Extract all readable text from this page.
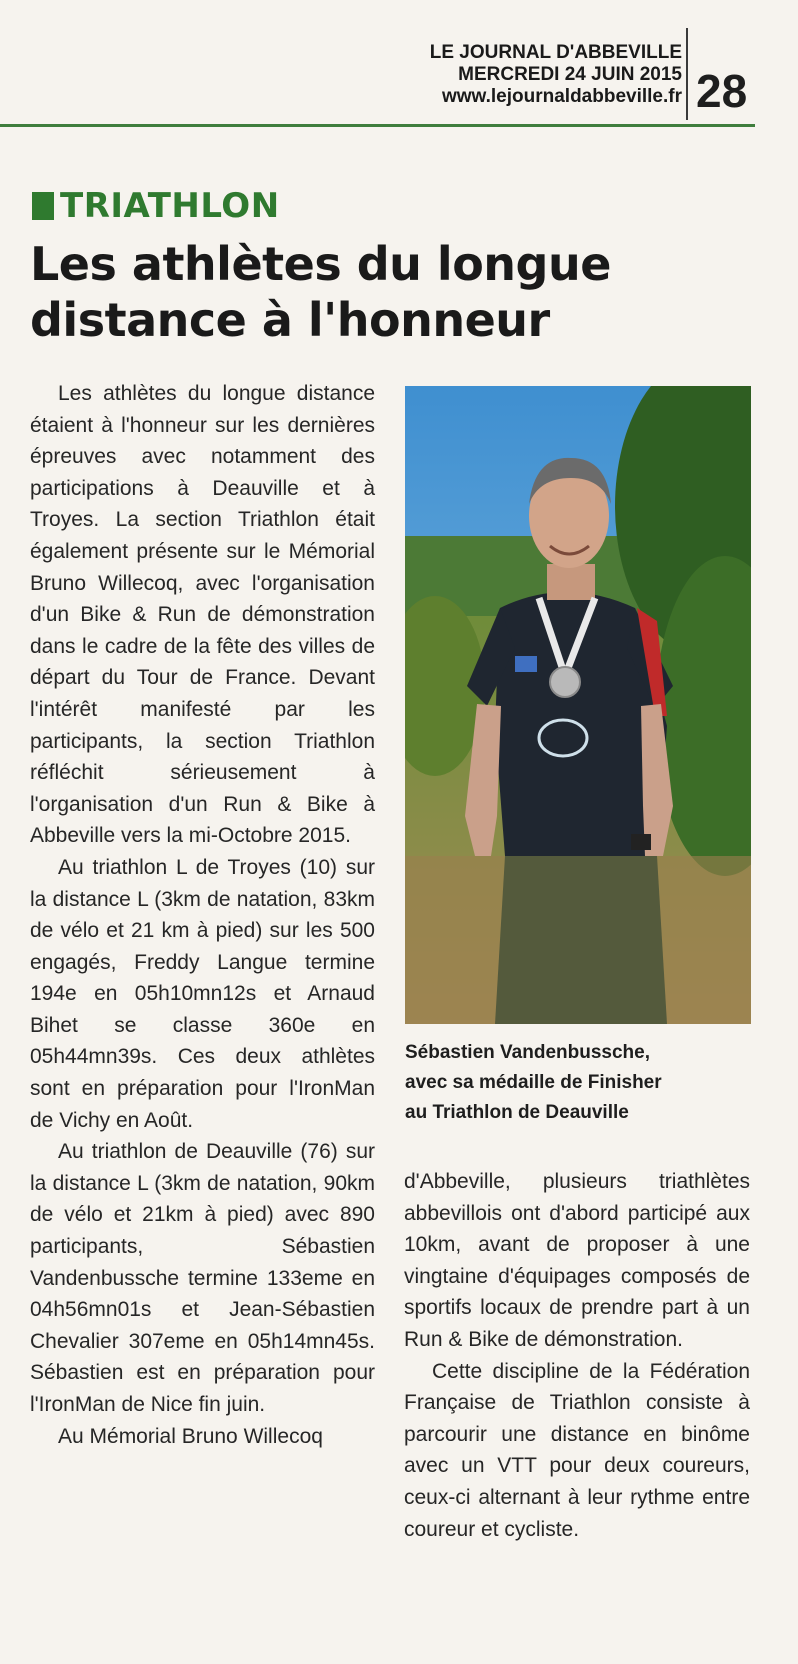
LE JOURNAL D'ABBEVILLE
MERCREDI 24 JUIN 2015
www.lejournaldabbeville.fr 28
TRIATHLON
Les athlètes du longue
distance à l'honneur

Les athlètes du longue distance étaient à l'honneur sur les dernières épreuves avec notamment des participations à Deauville et à Troyes. La section Triathlon était également présente sur le Mémorial Bruno Willecoq, avec l'organisation d'un Bike & Run de démonstration dans le cadre de la fête des villes de départ du Tour de France. Devant l'intérêt manifesté par les participants, la section Triathlon réfléchit sérieusement à l'organisation d'un Run & Bike à Abbeville vers la mi-Octobre 2015.

Au triathlon L de Troyes (10) sur la distance L (3km de natation, 83km de vélo et 21 km à pied) sur les 500 engagés, Freddy Langue termine 194e en 05h10mn12s et Arnaud Bihet se classe 360e en 05h44mn39s. Ces deux athlètes sont en préparation pour l'IronMan de Vichy en Août.

Au triathlon de Deauville (76) sur la distance L (3km de natation, 90km de vélo et 21km à pied) avec 890 participants, Sébastien Vandenbussche termine 133eme en 04h56mn01s et Jean-Sébastien Chevalier 307eme en 05h14mn45s. Sébastien est en préparation pour l'IronMan de Nice fin juin.

Au Mémorial Bruno Willecoq

Sébastien Vandenbussche,
avec sa médaille de Finisher
au Triathlon de Deauville

d'Abbeville, plusieurs triathlètes abbevillois ont d'abord participé aux 10km, avant de proposer à une vingtaine d'équipages composés de sportifs locaux de prendre part à un Run & Bike de démonstration.

Cette discipline de la Fédération Française de Triathlon consiste à parcourir une distance en binôme avec un VTT pour deux coureurs, ceux-ci alternant à leur rythme entre coureur et cycliste.
